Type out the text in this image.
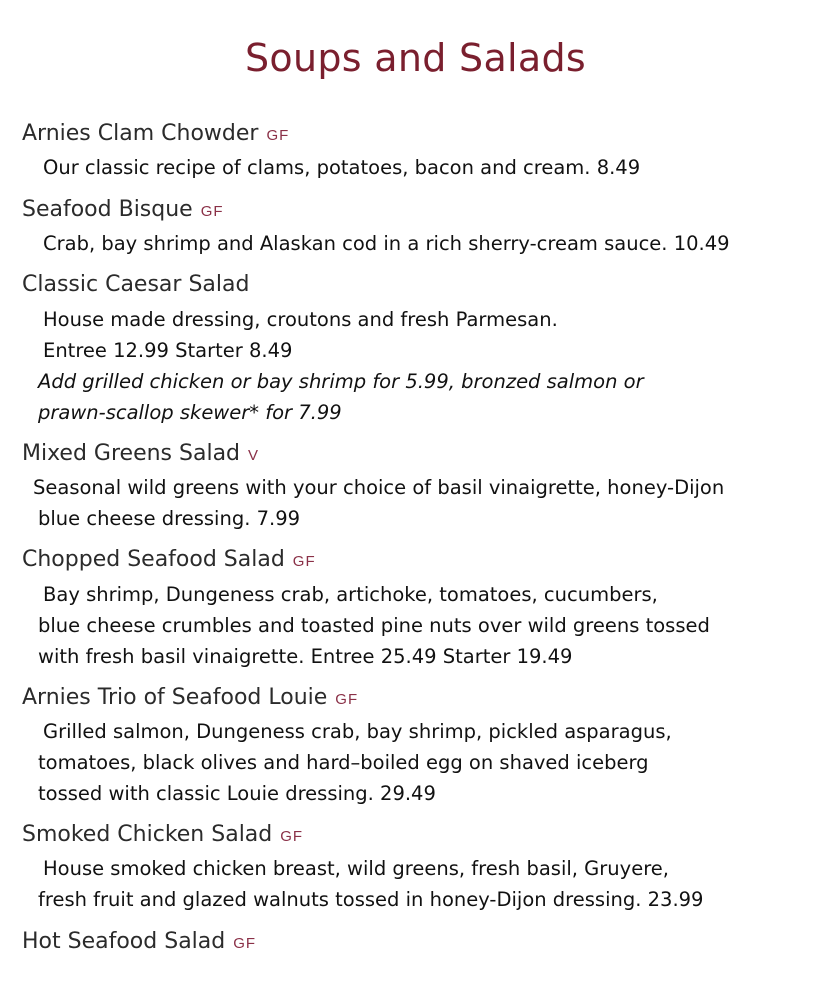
Soups and Salads
Arnies Clam Chowder GF
Our classic recipe of clams, potatoes, bacon and cream. 8.49
Seafood Bisque GF
Crab, bay shrimp and Alaskan cod in a rich sherry-cream sauce. 10.49
Classic Caesar Salad
House made dressing, croutons and fresh Parmesan.
Entree 12.99 Starter 8.49
Add grilled chicken or bay shrimp for 5.99, bronzed salmon or
prawn-scallop skewer* for 7.99
Mixed Greens Salad V
Seasonal wild greens with your choice of basil vinaigrette, honey-Dijon
blue cheese dressing. 7.99
Chopped Seafood Salad GF
Bay shrimp, Dungeness crab, artichoke, tomatoes, cucumbers,
blue cheese crumbles and toasted pine nuts over wild greens tossed
with fresh basil vinaigrette. Entree 25.49 Starter 19.49
Arnies Trio of Seafood Louie GF
Grilled salmon, Dungeness crab, bay shrimp, pickled asparagus,
tomatoes, black olives and hard–boiled egg on shaved iceberg
tossed with classic Louie dressing. 29.49
Smoked Chicken Salad GF
House smoked chicken breast, wild greens, fresh basil, Gruyere,
fresh fruit and glazed walnuts tossed in honey-Dijon dressing. 23.99
Hot Seafood Salad GF
